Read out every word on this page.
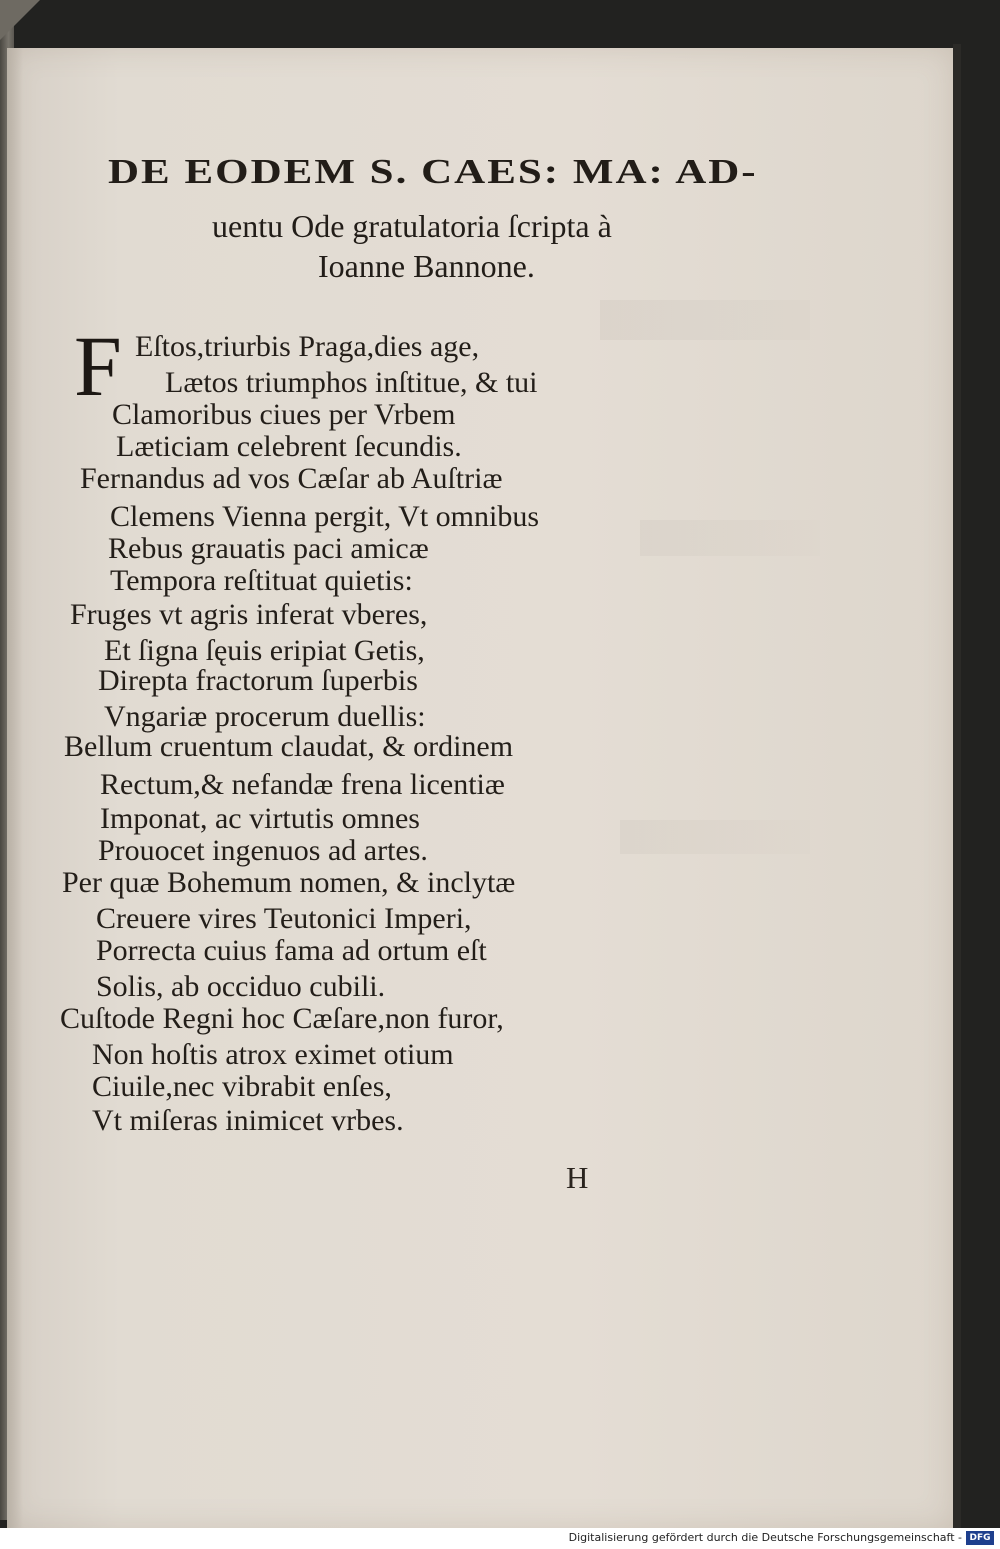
DE EODEM S. CAES: MA: AD-
uentu Ode gratulatoria ſcripta à
Ioanne Bannone.
F Eſtos,triurbis Praga,dies age,
Lætos triumphos inſtitue, & tui
Clamoribus ciues per Vrbem
Læticiam celebrent ſecundis.
Fernandus ad vos Cæſar ab Auſtriæ
Clemens Vienna pergit, Vt omnibus
Rebus grauatis paci amicæ
Tempora reſtituat quietis:
Fruges vt agris inferat vberes,
Et ſigna ſęuis eripiat Getis,
Direpta fractorum ſuperbis
Vngariæ procerum duellis:
Bellum cruentum claudat, & ordinem
Rectum,& nefandæ frena licentiæ
Imponat, ac virtutis omnes
Prouocet ingenuos ad artes.
Per quæ Bohemum nomen, & inclytæ
Creuere vires Teutonici Imperi,
Porrecta cuius fama ad ortum eſt
Solis, ab occiduo cubili.
Cuſtode Regni hoc Cæſare,non furor,
Non hoſtis atrox eximet otium
Ciuile,nec vibrabit enſes,
Vt miſeras inimicet vrbes.
H
Digitalisierung gefördert durch die Deutsche Forschungsgemeinschaft - DFG
